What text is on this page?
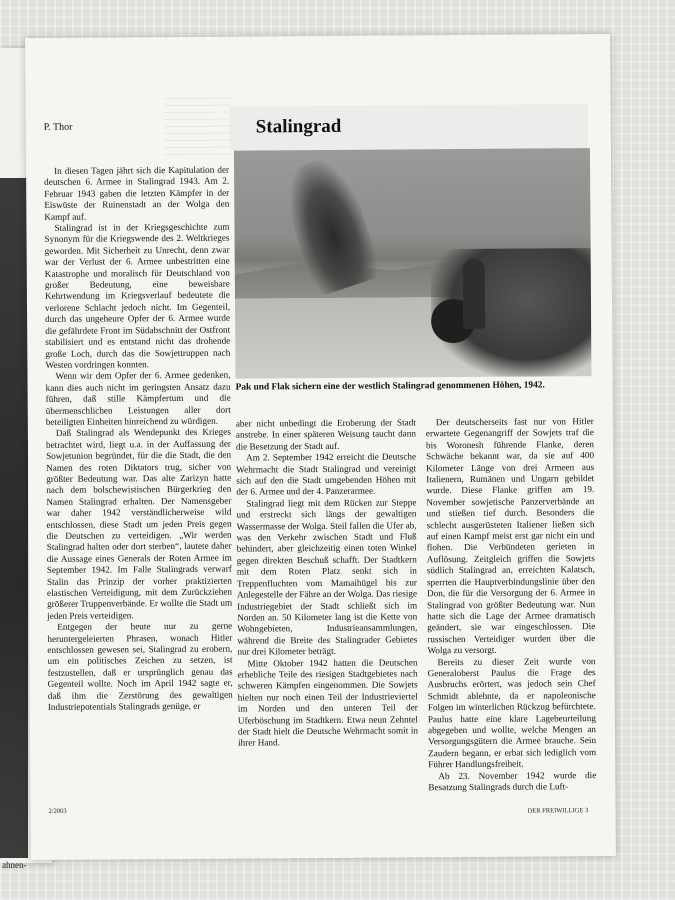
ahnen-
P. Thor	Stalingrad
Pak und Flak sichern eine der westlich Stalingrad genommenen Höhen, 1942.

In diesen Tagen jährt sich die Kapitulation der deutschen 6. Armee in Stalingrad 1943. Am 2. Februar 1943 gaben die letzten Kämpfer in der Eiswüste der Ruinenstadt an der Wolga den Kampf auf.

Stalingrad ist in der Kriegsgeschichte zum Synonym für die Kriegswende des 2. Weltkrieges geworden. Mit Sicherheit zu Unrecht, denn zwar war der Verlust der 6. Armee unbestritten eine Katastrophe und moralisch für Deutschland von großer Bedeutung, eine beweisbare Kehrtwendung im Kriegsverlauf bedeutete die verlorene Schlacht jedoch nicht. Im Gegenteil, durch das ungeheure Opfer der 6. Armee wurde die gefährdete Front im Südabschnitt der Ostfront stabilisiert und es entstand nicht das drohende große Loch, durch das die Sowjettruppen nach Westen vordringen konnten.

Wenn wir dem Opfer der 6. Armee gedenken, kann dies auch nicht im geringsten Ansatz dazu führen, daß stille Kämpfertum und die übermenschlichen Leistungen aller dort beteiligten Einheiten hinreichend zu würdigen.

Daß Stalingrad als Wendepunkt des Krieges betrachtet wird, liegt u.a. in der Auffassung der Sowjetunion begründet, für die die Stadt, die den Namen des roten Diktators trug, sicher von größter Bedeutung war. Das alte Zarizyn hatte nach dem bolschewistischen Bürgerkrieg den Namen Stalingrad erhalten. Der Namensgeber war daher 1942 verständlicherweise wild entschlossen, diese Stadt um jeden Preis gegen die Deutschen zu verteidigen. „Wir werden Stalingrad halten oder dort sterben“, lautete daher die Aussage eines Generals der Roten Armee im September 1942. Im Falle Stalingrads verwarf Stalin das Prinzip der vorher praktizierten elastischen Verteidigung, mit dem Zurückziehen größerer Truppenverbände. Er wollte die Stadt um jeden Preis verteidigen.

Entgegen der heute nur zu gerne heruntergeleierten Phrasen, wonach Hitler entschlossen gewesen sei, Stalingrad zu erobern, um ein politisches Zeichen zu setzen, ist festzustellen, daß er ursprünglich genau das Gegenteil wollte. Noch im April 1942 sagte er, daß ihm die Zerstörung des gewaltigen Industriepotentials Stalingrads genüge, er

aber nicht unbedingt die Eroberung der Stadt anstrebe. In einer späteren Weisung taucht dann die Besetzung der Stadt auf.

Am 2. September 1942 erreicht die Deutsche Wehrmacht die Stadt Stalingrad und vereinigt sich auf den die Stadt umgebenden Höhen mit der 6. Armee und der 4. Panzerarmee.

Stalingrad liegt mit dem Rücken zur Steppe und erstreckt sich längs der gewaltigen Wassermasse der Wolga. Steil fallen die Ufer ab, was den Verkehr zwischen Stadt und Fluß behindert, aber gleichzeitig einen toten Winkel gegen direkten Beschuß schafft. Der Stadtkern mit dem Roten Platz senkt sich in Treppenfluchten vom Mamaihügel bis zur Anlegestelle der Fähre an der Wolga. Das riesige Industriegebiet der Stadt schließt sich im Norden an. 50 Kilometer lang ist die Kette von Wohngebieten, Industrieansammlungen, während die Breite des Stalingrader Gebietes nur drei Kilometer beträgt.

Mitte Oktober 1942 hatten die Deutschen erhebliche Teile des riesigen Stadtgebietes nach schweren Kämpfen eingenommen. Die Sowjets hielten nur noch einen Teil der Industrieviertel im Norden und den unteren Teil der Uferböschung im Stadtkern. Etwa neun Zehntel der Stadt hielt die Deutsche Wehrmacht somit in ihrer Hand.

Der deutscherseits fast nur von Hitler erwartete Gegenangriff der Sowjets traf die bis Woronesh führende Flanke, deren Schwäche bekannt war, da sie auf 400 Kilometer Länge von drei Armeen aus Italienern, Rumänen und Ungarn gebildet wurde. Diese Flanke griffen am 19. November sowjetische Panzerverbände an und stießen tief durch. Besonders die schlecht ausgerüsteten Italiener ließen sich auf einen Kampf meist erst gar nicht ein und flohen. Die Verbündeten gerieten in Auflösung. Zeitgleich griffen die Sowjets südlich Stalingrad an, erreichten Kalatsch, sperrten die Hauptverbindungslinie über den Don, die für die Versorgung der 6. Armee in Stalingrad von größter Bedeutung war. Nun hatte sich die Lage der Armee dramatisch geändert, sie war eingeschlossen. Die russischen Verteidiger wurden über die Wolga zu versorgt.

Bereits zu dieser Zeit wurde von Generaloberst Paulus die Frage des Ausbruchs erörtert, was jedoch sein Chef Schmidt ablehnte, da er napoleonische Folgen im winterlichen Rückzug befürchtete. Paulus hatte eine klare Lagebeurteilung abgegeben und wollte, welche Mengen an Versorgungsgütern die Armee brauche. Sein Zaudern begann, er erbat sich lediglich vom Führer Handlungsfreiheit.

Ab 23. November 1942 wurde die Besatzung Stalingrads durch die Luft-

2/2003	DER FREIWILLIGE 3
